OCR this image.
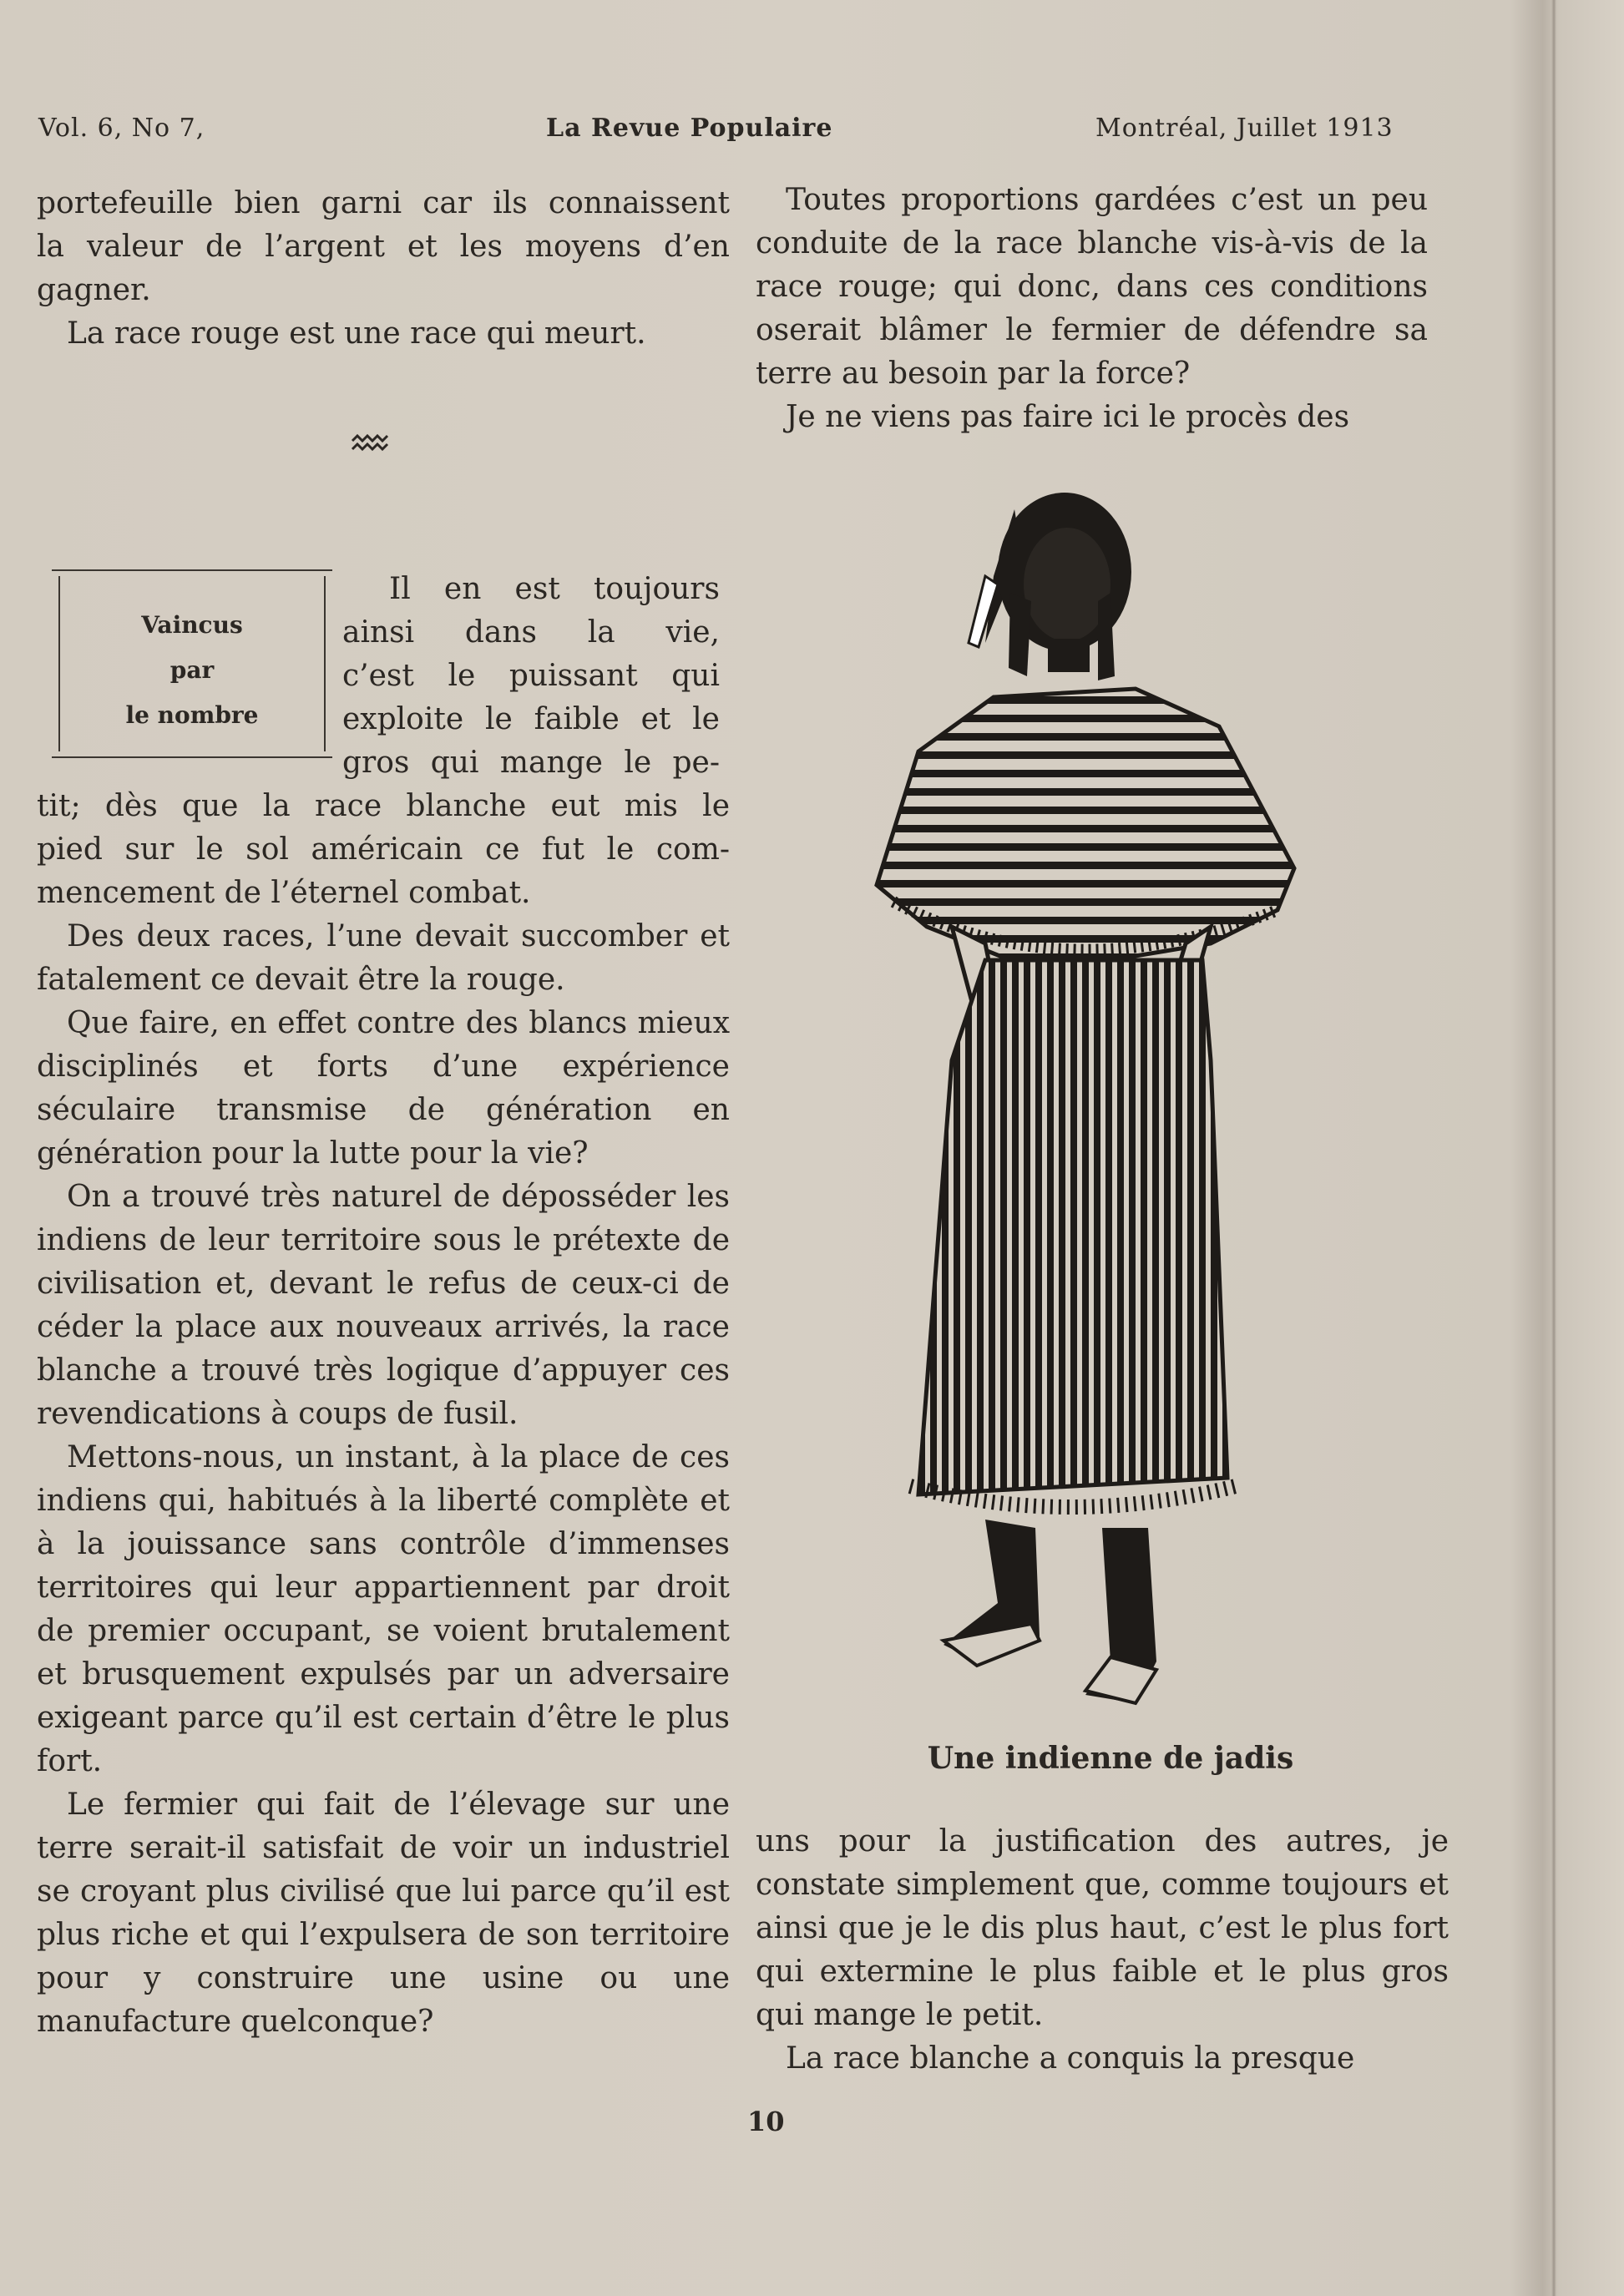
Vol. 6, No 7,	La Revue Populaire	Montréal, Juillet 1913
portefeuille bien garni car ils connaissent
la valeur de l’argent et les moyens d’en
gagner.

La race rouge est une race qui meurt.

Vaincus
par
le nombre
Il en est toujours
ainsi dans la vie,
c’est le puissant qui
exploite le faible et le
gros qui mange le pe-
tit; dès que la race blanche eut mis le
pied sur le sol américain ce fut le com-
mencement de l’éternel combat.

Des deux races, l’une devait succomber et fatalement ce devait être la rouge.

Que faire, en effet contre des blancs mieux disciplinés et forts d’une expérience séculaire transmise de génération en génération pour la lutte pour la vie?

On a trouvé très naturel de déposséder les indiens de leur territoire sous le prétexte de civilisation et, devant le refus de ceux-ci de céder la place aux nouveaux arrivés, la race blanche a trouvé très logique d’appuyer ces revendications à coups de fusil.

Mettons-nous, un instant, à la place de ces indiens qui, habitués à la liberté complète et à la jouissance sans contrôle d’immenses territoires qui leur appartiennent par droit de premier occupant, se voient brutalement et brusquement expulsés par un adversaire exigeant parce qu’il est certain d’être le plus fort.

Le fermier qui fait de l’élevage sur une terre serait-il satisfait de voir un industriel se croyant plus civilisé que lui parce qu’il est plus riche et qui l’expulsera de son territoire pour y construire une usine ou une manufacture quelconque?

Toutes proportions gardées c’est un peu conduite de la race blanche vis-à-vis de la race rouge; qui donc, dans ces conditions oserait blâmer le fermier de défendre sa terre au besoin par la force?

Je ne viens pas faire ici le procès des

Une indienne de jadis

uns pour la justification des autres, je constate simplement que, comme toujours et ainsi que je le dis plus haut, c’est le plus fort qui extermine le plus faible et le plus gros qui mange le petit.

La race blanche a conquis la presque

10
